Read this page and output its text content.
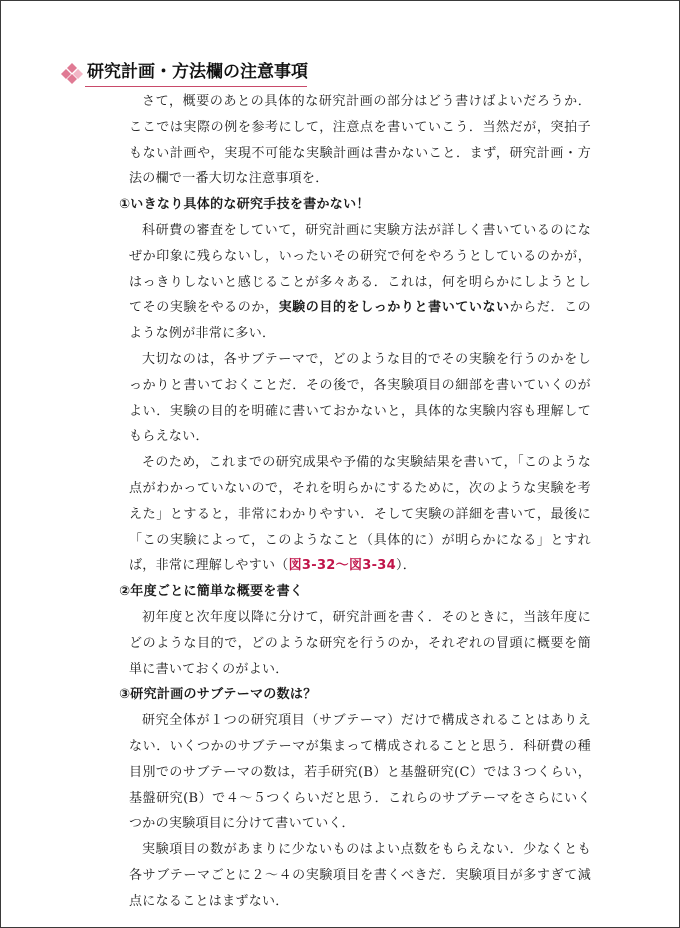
研究計画・方法欄の注意事項

さて，概要のあとの具体的な研究計画の部分はどう書けばよいだろうか．ここでは実際の例を参考にして，注意点を書いていこう．当然だが，突拍子もない計画や，実現不可能な実験計画は書かないこと．まず，研究計画・方法の欄で一番大切な注意事項を．

①いきなり具体的な研究手技を書かない！

科研費の審査をしていて，研究計画に実験方法が詳しく書いているのになぜか印象に残らないし，いったいその研究で何をやろうとしているのかが，はっきりしないと感じることが多々ある．これは，何を明らかにしようとしてその実験をやるのか，実験の目的をしっかりと書いていないからだ．このような例が非常に多い．

大切なのは，各サブテーマで，どのような目的でその実験を行うのかをしっかりと書いておくことだ．その後で，各実験項目の細部を書いていくのがよい．実験の目的を明確に書いておかないと，具体的な実験内容も理解してもらえない．

そのため，これまでの研究成果や予備的な実験結果を書いて，「このような点がわかっていないので，それを明らかにするために，次のような実験を考えた」とすると，非常にわかりやすい．そして実験の詳細を書いて，最後に「この実験によって，このようなこと（具体的に）が明らかになる」とすれば，非常に理解しやすい（図3-32～図3-34）．

②年度ごとに簡単な概要を書く

初年度と次年度以降に分けて，研究計画を書く．そのときに，当該年度にどのような目的で，どのような研究を行うのか，それぞれの冒頭に概要を簡単に書いておくのがよい．

③研究計画のサブテーマの数は？

研究全体が１つの研究項目（サブテーマ）だけで構成されることはありえない．いくつかのサブテーマが集まって構成されることと思う．科研費の種目別でのサブテーマの数は，若手研究(B）と基盤研究(C）では３つくらい，基盤研究(B）で４～５つくらいだと思う．これらのサブテーマをさらにいくつかの実験項目に分けて書いていく．

実験項目の数があまりに少ないものはよい点数をもらえない．少なくとも各サブテーマごとに２～４の実験項目を書くべきだ．実験項目が多すぎて減点になることはまずない．
